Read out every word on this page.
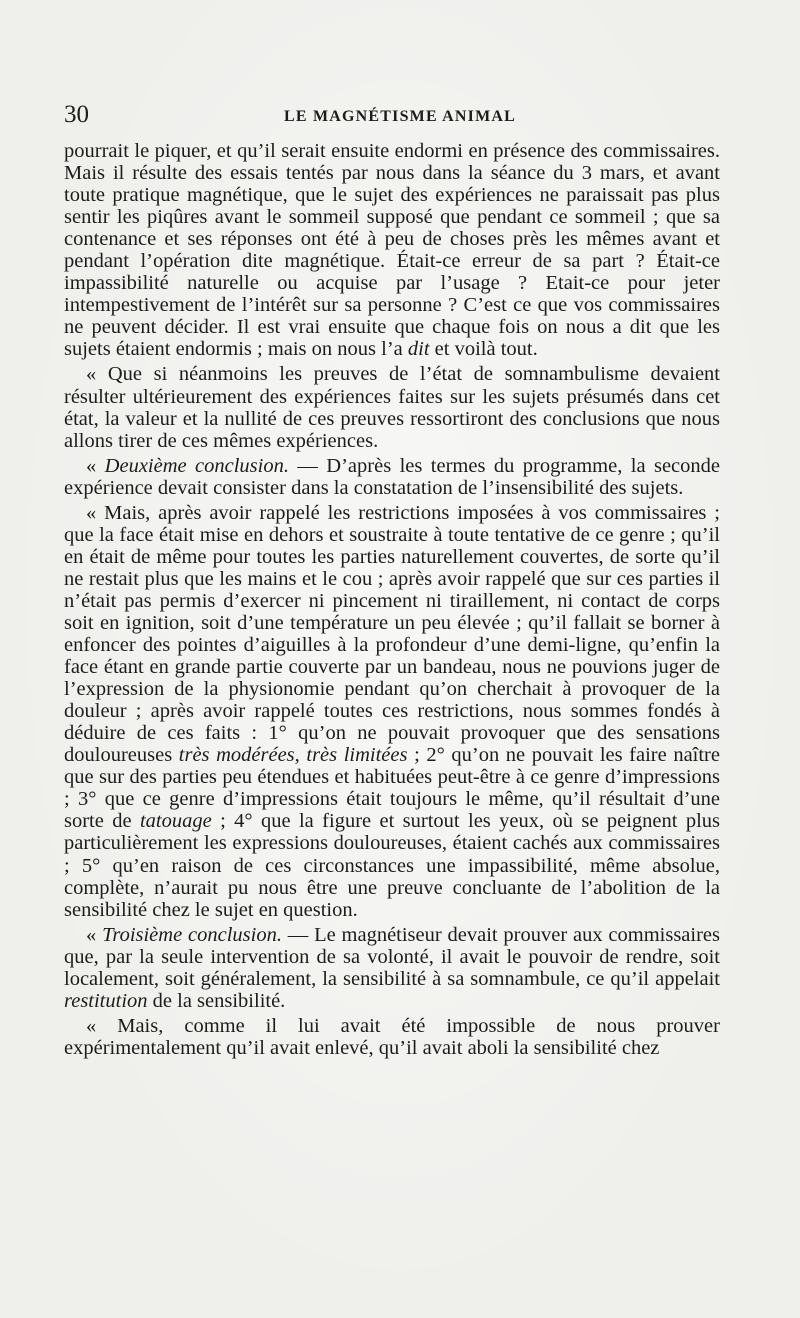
30	LE MAGNÉTISME ANIMAL

pourrait le piquer, et qu’il serait ensuite endormi en présence des commissaires. Mais il résulte des essais tentés par nous dans la séance du 3 mars, et avant toute pratique magnétique, que le sujet des expériences ne paraissait pas plus sentir les piqûres avant le sommeil supposé que pendant ce sommeil ; que sa contenance et ses réponses ont été à peu de choses près les mêmes avant et pendant l’opération dite magnétique. Était-ce erreur de sa part ? Était-ce impassibilité naturelle ou acquise par l’usage ? Etait-ce pour jeter intempestivement de l’intérêt sur sa personne ? C’est ce que vos commissaires ne peuvent décider. Il est vrai ensuite que chaque fois on nous a dit que les sujets étaient endormis ; mais on nous l’a dit et voilà tout.

« Que si néanmoins les preuves de l’état de somnambulisme devaient résulter ultérieurement des expériences faites sur les sujets présumés dans cet état, la valeur et la nullité de ces preuves ressortiront des conclusions que nous allons tirer de ces mêmes expériences.

« Deuxième conclusion. — D’après les termes du programme, la seconde expérience devait consister dans la constatation de l’insensibilité des sujets.

« Mais, après avoir rappelé les restrictions imposées à vos commissaires ; que la face était mise en dehors et soustraite à toute tentative de ce genre ; qu’il en était de même pour toutes les parties naturellement couvertes, de sorte qu’il ne restait plus que les mains et le cou ; après avoir rappelé que sur ces parties il n’était pas permis d’exercer ni pincement ni tiraillement, ni contact de corps soit en ignition, soit d’une température un peu élevée ; qu’il fallait se borner à enfoncer des pointes d’aiguilles à la profondeur d’une demi-ligne, qu’enfin la face étant en grande partie couverte par un bandeau, nous ne pouvions juger de l’expression de la physionomie pendant qu’on cherchait à provoquer de la douleur ; après avoir rappelé toutes ces restrictions, nous sommes fondés à déduire de ces faits : 1° qu’on ne pouvait provoquer que des sensations douloureuses très modérées, très limitées ; 2° qu’on ne pouvait les faire naître que sur des parties peu étendues et habituées peut-être à ce genre d’impressions ; 3° que ce genre d’impressions était toujours le même, qu’il résultait d’une sorte de tatouage ; 4° que la figure et surtout les yeux, où se peignent plus particulièrement les expressions douloureuses, étaient cachés aux commissaires ; 5° qu’en raison de ces circonstances une impassibilité, même absolue, complète, n’aurait pu nous être une preuve concluante de l’abolition de la sensibilité chez le sujet en question.

« Troisième conclusion. — Le magnétiseur devait prouver aux commissaires que, par la seule intervention de sa volonté, il avait le pouvoir de rendre, soit localement, soit généralement, la sensibilité à sa somnambule, ce qu’il appelait restitution de la sensibilité.

« Mais, comme il lui avait été impossible de nous prouver expérimentalement qu’il avait enlevé, qu’il avait aboli la sensibilité chez
